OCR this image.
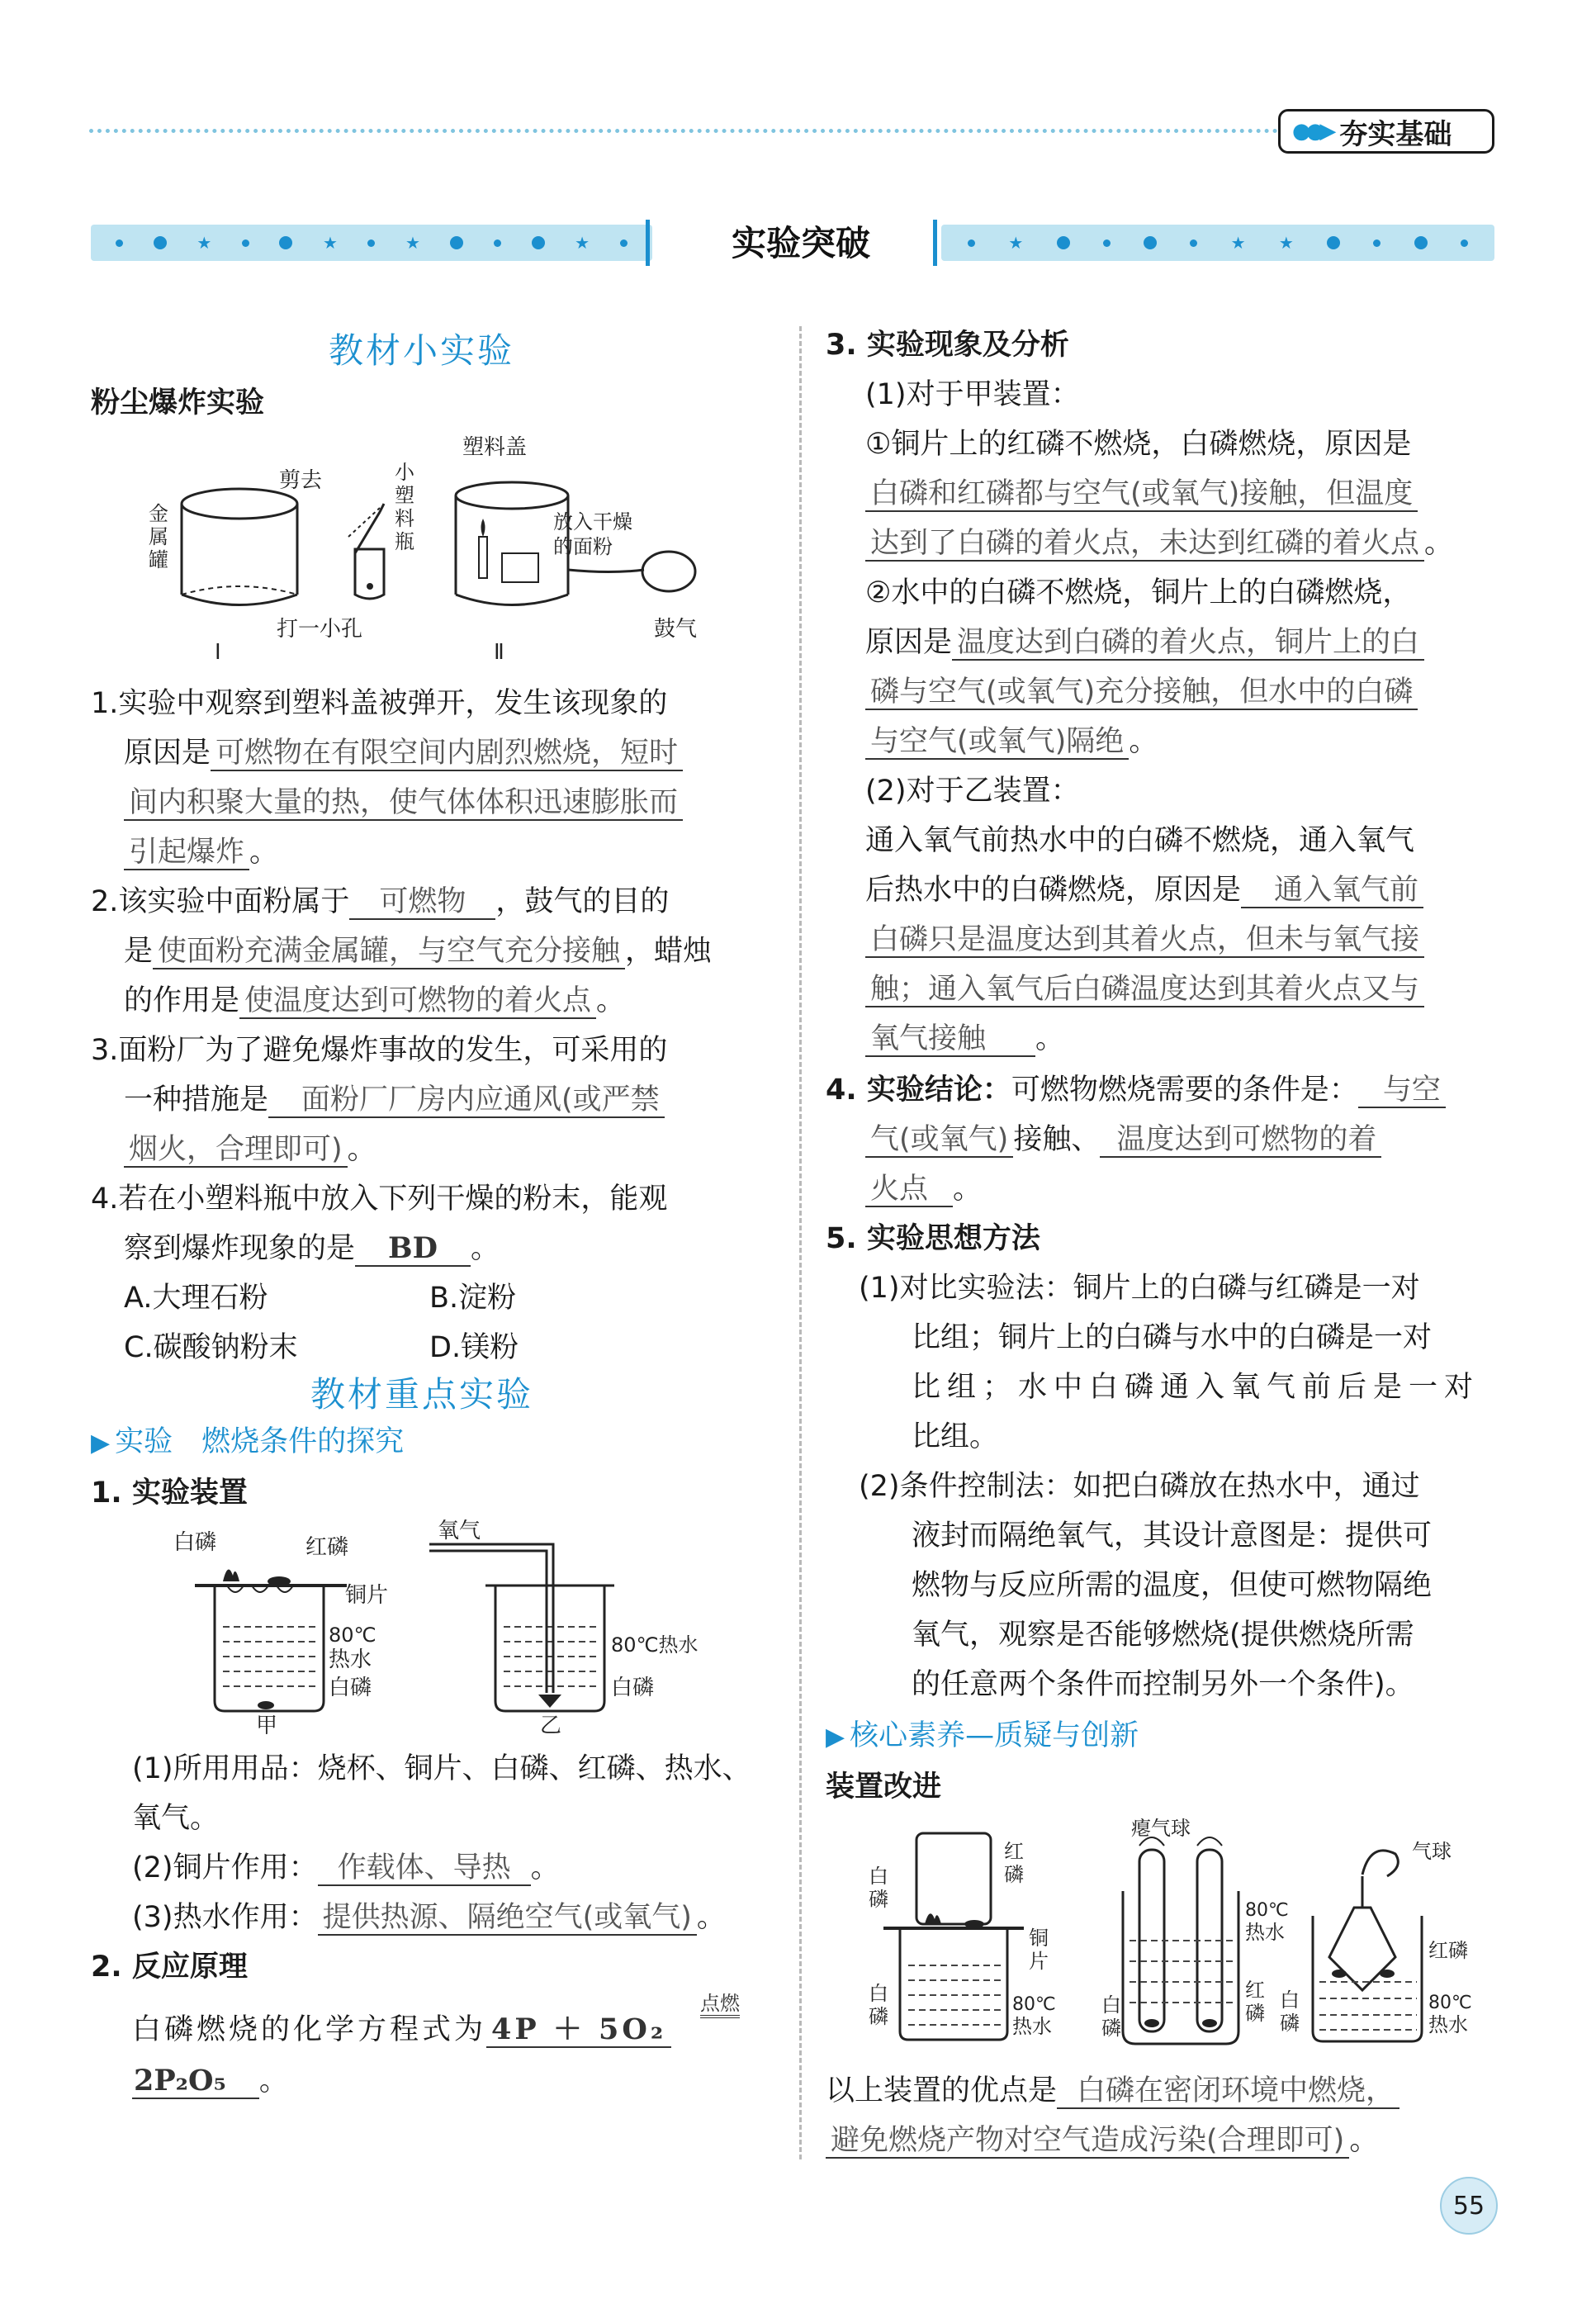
●●▶ 夯实基础
★	★	★	★	实验突破	★	★ ★
教材小实验
粉尘爆炸实验
金
属
罐
剪去	小
塑
料
瓶
打一小孔
塑料盖
放入干燥
的面粉
鼓气
I	Ⅱ
1.实验中观察到塑料盖被弹开，发生该现象的
原因是 可燃物在有限空间内剧烈燃烧，短时
间内积聚大量的热，使气体体积迅速膨胀而
引起爆炸 。
2.该实验中面粉属于 可燃物 ，鼓气的目的
是 使面粉充满金属罐，与空气充分接触 ，蜡烛
的作用是 使温度达到可燃物的着火点 。
3.面粉厂为了避免爆炸事故的发生，可采用的
一种措施是 面粉厂厂房内应通风(或严禁
烟火，合理即可) 。
4.若在小塑料瓶中放入下列干燥的粉末，能观
察到爆炸现象的是 BD 。
A.大理石粉	B.淀粉
C.碳酸钠粉末	D.镁粉
教材重点实验
▶ 实验　燃烧条件的探究
1. 实验装置
白磷	红磷
铜片
80℃
热水
白磷
甲
氧气
80℃热水
白磷
乙
(1)所用用品：烧杯、铜片、白磷、红磷、热水、
氧气。
(2)铜片作用： 作载体、导热 。
(3)热水作用： 提供热源、隔绝空气(或氧气) 。
2. 反应原理
白磷燃烧的化学方程式为 4P ＋ 5O₂
点燃
2P₂O₅ 。
3. 实验现象及分析
(1)对于甲装置：
①铜片上的红磷不燃烧，白磷燃烧，原因是
白磷和红磷都与空气(或氧气)接触，但温度
达到了白磷的着火点，未达到红磷的着火点 。
②水中的白磷不燃烧，铜片上的白磷燃烧，
原因是 温度达到白磷的着火点，铜片上的白
磷与空气(或氧气)充分接触，但水中的白磷
与空气(或氧气)隔绝 。
(2)对于乙装置：
通入氧气前热水中的白磷不燃烧，通入氧气
后热水中的白磷燃烧，原因是 通入氧气前
白磷只是温度达到其着火点，但未与氧气接
触；通入氧气后白磷温度达到其着火点又与
氧气接触 。
4. 实验结论：可燃物燃烧需要的条件是： 与空
气(或氧气) 接触、 温度达到可燃物的着
火点 。
5. 实验思想方法
(1)对比实验法：铜片上的白磷与红磷是一对
比组；铜片上的白磷与水中的白磷是一对
比组；水中白磷通入氧气前后是一对
比组。
(2)条件控制法：如把白磷放在热水中，通过
液封而隔绝氧气，其设计意图是：提供可
燃物与反应所需的温度，但使可燃物隔绝
氧气，观察是否能够燃烧(提供燃烧所需
的任意两个条件而控制另外一个条件)。
▶ 核心素养—质疑与创新
装置改进
白
磷
红
磷
铜
片
白
磷
80℃
热水
瘪气球
80℃
热水
白
磷
红
磷
气球
红磷
白
磷
80℃
热水
以上装置的优点是 白磷在密闭环境中燃烧，
避免燃烧产物对空气造成污染(合理即可) 。
55
